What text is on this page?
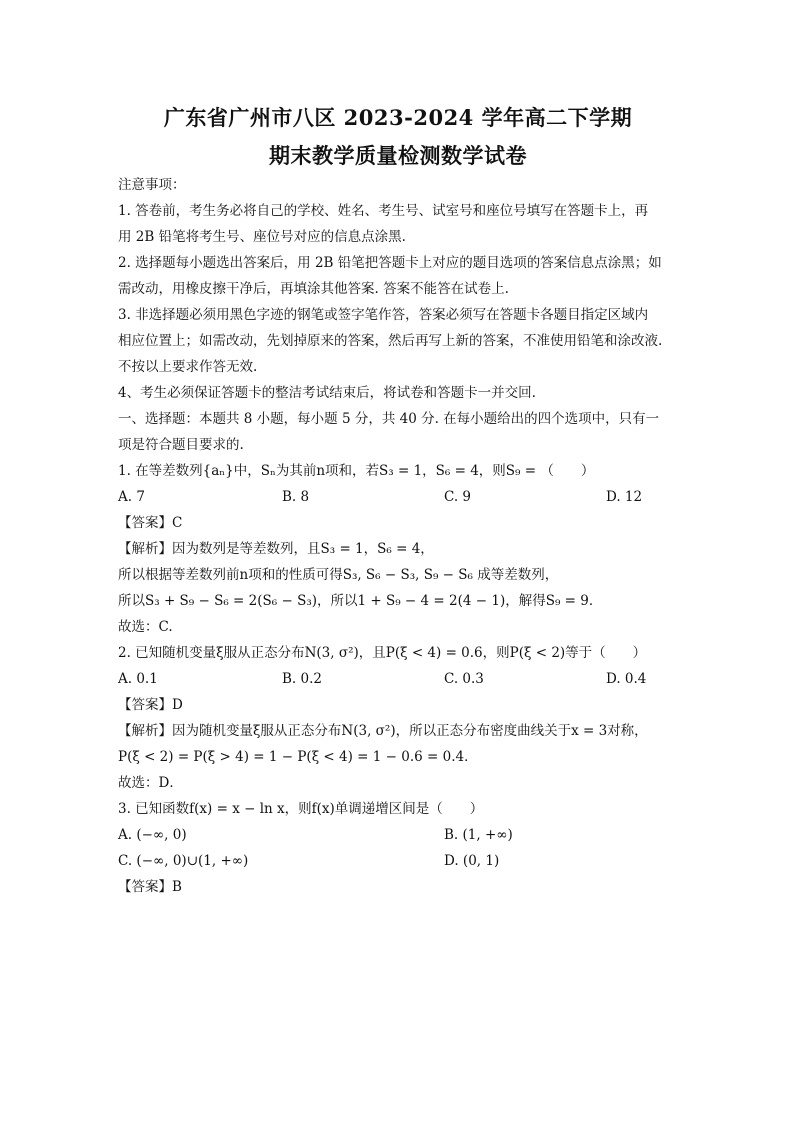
广东省广州市八区 2023-2024 学年高二下学期

期末教学质量检测数学试卷

注意事项：

1. 答卷前，考生务必将自己的学校、姓名、考生号、试室号和座位号填写在答题卡上，再

用 2B 铅笔将考生号、座位号对应的信息点涂黑.

2. 选择题每小题选出答案后，用 2B 铅笔把答题卡上对应的题目选项的答案信息点涂黑；如

需改动，用橡皮擦干净后，再填涂其他答案. 答案不能答在试卷上.

3. 非选择题必须用黑色字迹的钢笔或签字笔作答，答案必须写在答题卡各题目指定区域内

相应位置上；如需改动，先划掉原来的答案，然后再写上新的答案，不准使用铅笔和涂改液.

不按以上要求作答无效.

4、考生必须保证答题卡的整洁考试结束后，将试卷和答题卡一并交回.

一、选择题：本题共 8 小题，每小题 5 分，共 40 分. 在每小题给出的四个选项中，只有一

项是符合题目要求的.

1. 在等差数列{aₙ}中，Sₙ为其前n项和，若S₃ = 1，S₆ = 4，则S₉ = （　　）

A. 7	B. 8	C. 9	D. 12

【答案】C

【解析】因为数列是等差数列，且S₃ = 1，S₆ = 4，

所以根据等差数列前n项和的性质可得S₃, S₆ − S₃, S₉ − S₆ 成等差数列，

所以S₃ + S₉ − S₆ = 2(S₆ − S₃)，所以1 + S₉ − 4 = 2(4 − 1)，解得S₉ = 9．

故选：C.

2. 已知随机变量ξ服从正态分布N(3, σ²)，且P(ξ < 4) = 0.6，则P(ξ < 2)等于（　　）

A. 0.1	B. 0.2	C. 0.3	D. 0.4

【答案】D

【解析】因为随机变量ξ服从正态分布N(3, σ²)，所以正态分布密度曲线关于x = 3对称，

P(ξ < 2) = P(ξ > 4) = 1 − P(ξ < 4) = 1 − 0.6 = 0.4．

故选：D．

3. 已知函数f(x) = x − ln x，则f(x)单调递增区间是（　　）

A. (−∞, 0)	B. (1, +∞)
C. (−∞, 0)∪(1, +∞)	D. (0, 1)

【答案】B
